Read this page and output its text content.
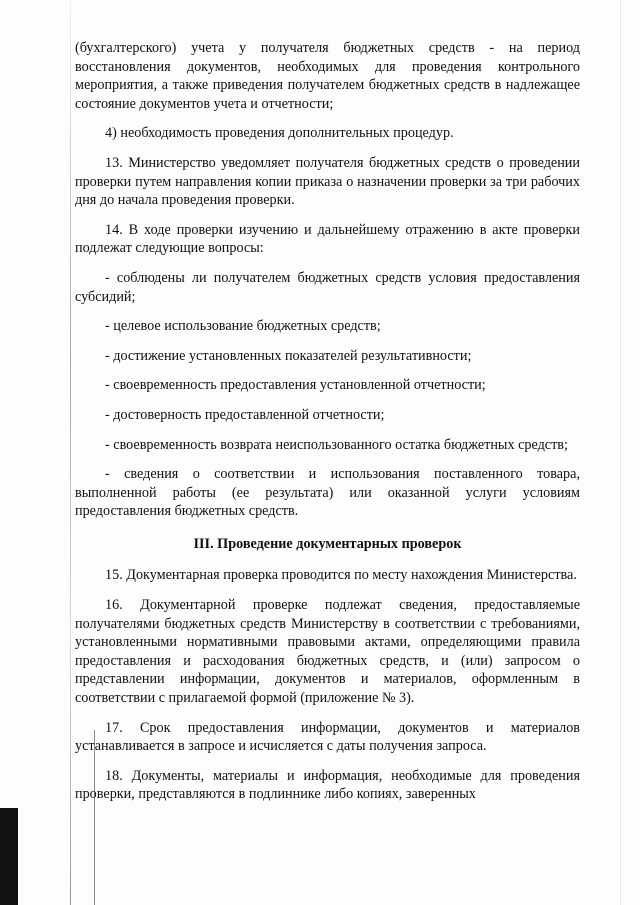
(бухгалтерского) учета у получателя бюджетных средств - на период восстановления документов, необходимых для проведения контрольного мероприятия, а также приведения получателем бюджетных средств в надлежащее состояние документов учета и отчетности;

4) необходимость проведения дополнительных процедур.

13. Министерство уведомляет получателя бюджетных средств о проведении проверки путем направления копии приказа о назначении проверки за три рабочих дня до начала проведения проверки.

14. В ходе проверки изучению и дальнейшему отражению в акте проверки подлежат следующие вопросы:

- соблюдены ли получателем бюджетных средств условия предоставления субсидий;

- целевое использование бюджетных средств;

- достижение установленных показателей результативности;

- своевременность предоставления установленной отчетности;

- достоверность предоставленной отчетности;

- своевременность возврата неиспользованного остатка бюджетных средств;

- сведения о соответствии и использования поставленного товара, выполненной работы (ее результата) или оказанной услуги условиям предоставления бюджетных средств.

III. Проведение документарных проверок

15. Документарная проверка проводится по месту нахождения Министерства.

16. Документарной проверке подлежат сведения, предоставляемые получателями бюджетных средств Министерству в соответствии с требованиями, установленными нормативными правовыми актами, определяющими правила предоставления и расходования бюджетных средств, и (или) запросом о представлении информации, документов и материалов, оформленным в соответствии с прилагаемой формой (приложение № 3).

17. Срок предоставления информации, документов и материалов устанавливается в запросе и исчисляется с даты получения запроса.

18. Документы, материалы и информация, необходимые для проведения проверки, представляются в подлиннике либо копиях, заверенных
